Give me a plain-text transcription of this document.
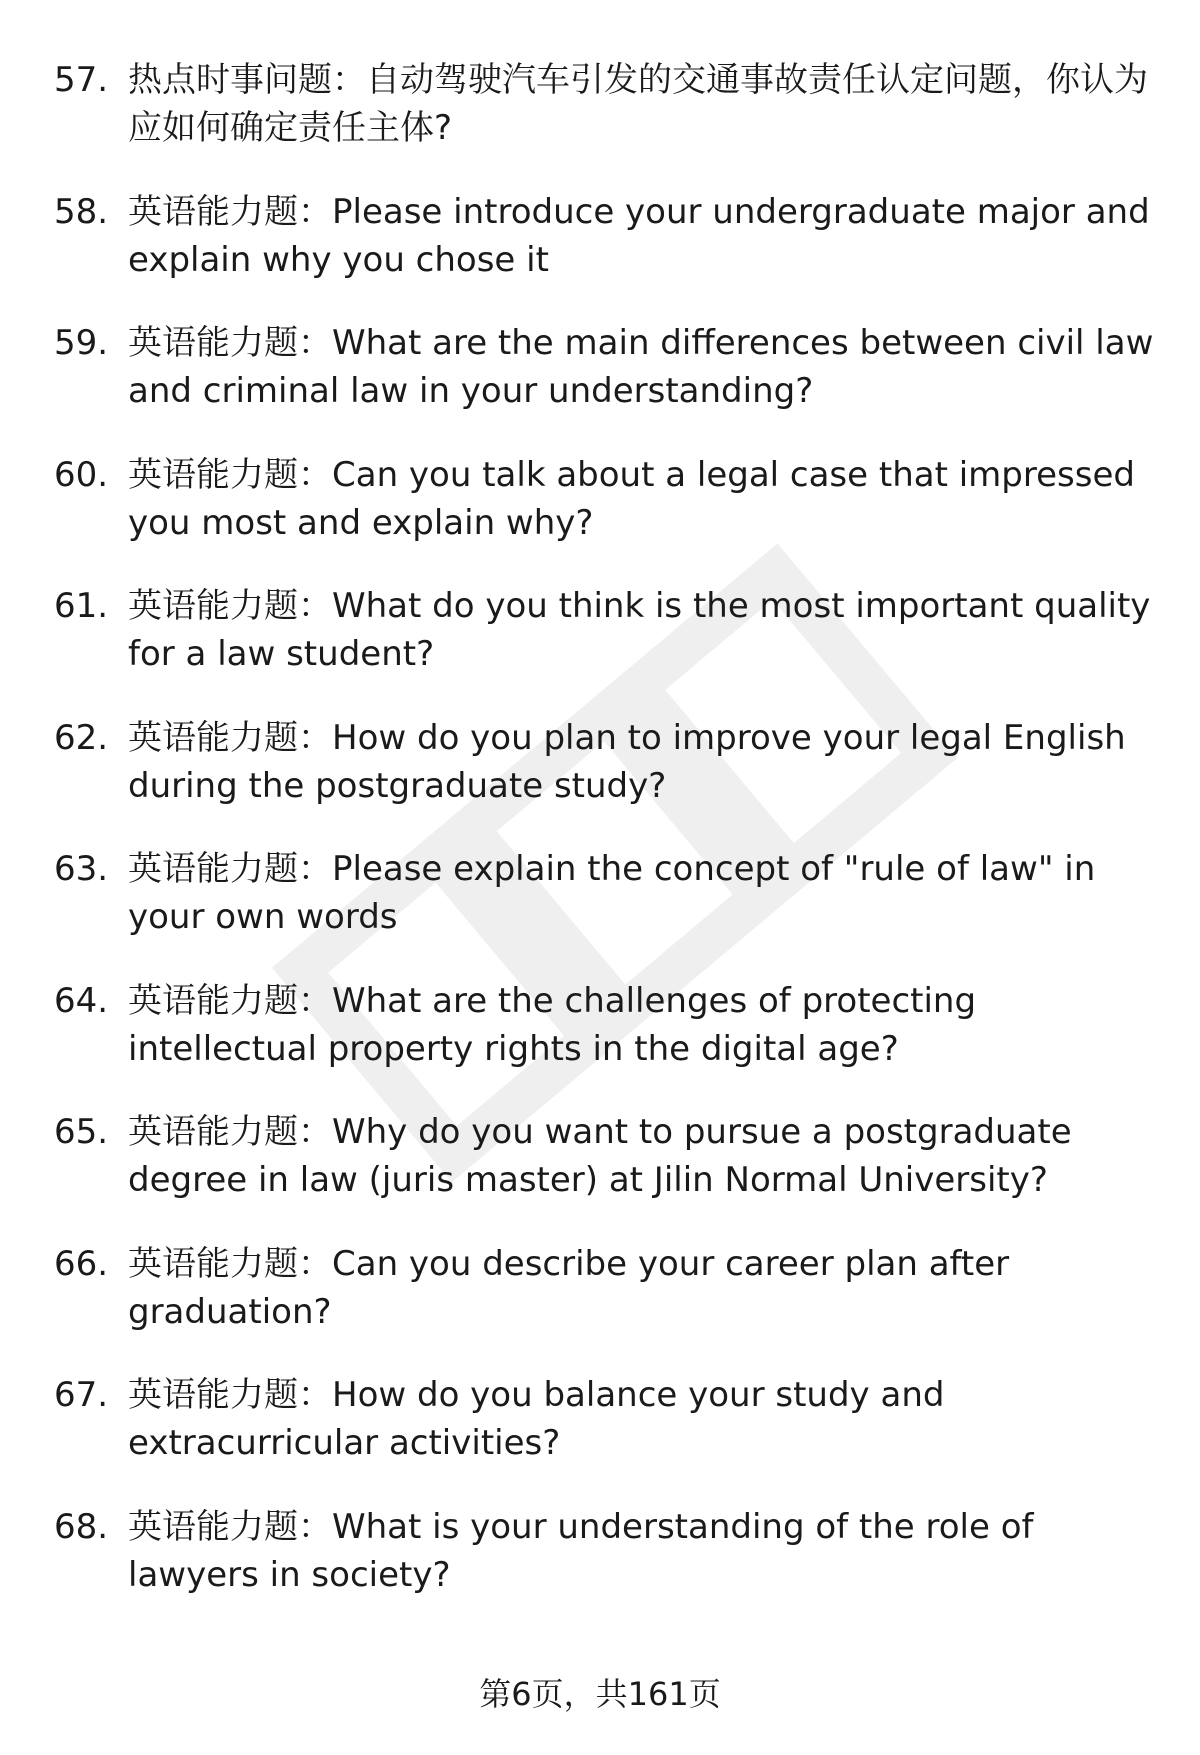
57. 热点时事问题：自动驾驶汽车引发的交通事故责任认定问题，你认为应如何确定责任主体?
58. 英语能力题：Please introduce your undergraduate major and explain why you chose it
59. 英语能力题：What are the main differences between civil law and criminal law in your understanding?
60. 英语能力题：Can you talk about a legal case that impressed you most and explain why?
61. 英语能力题：What do you think is the most important quality for a law student?
62. 英语能力题：How do you plan to improve your legal English during the postgraduate study?
63. 英语能力题：Please explain the concept of "rule of law" in your own words
64. 英语能力题：What are the challenges of protecting intellectual property rights in the digital age?
65. 英语能力题：Why do you want to pursue a postgraduate degree in law (juris master) at Jilin Normal University?
66. 英语能力题：Can you describe your career plan after graduation?
67. 英语能力题：How do you balance your study and extracurricular activities?
68. 英语能力题：What is your understanding of the role of lawyers in society?
第6页，共161页
